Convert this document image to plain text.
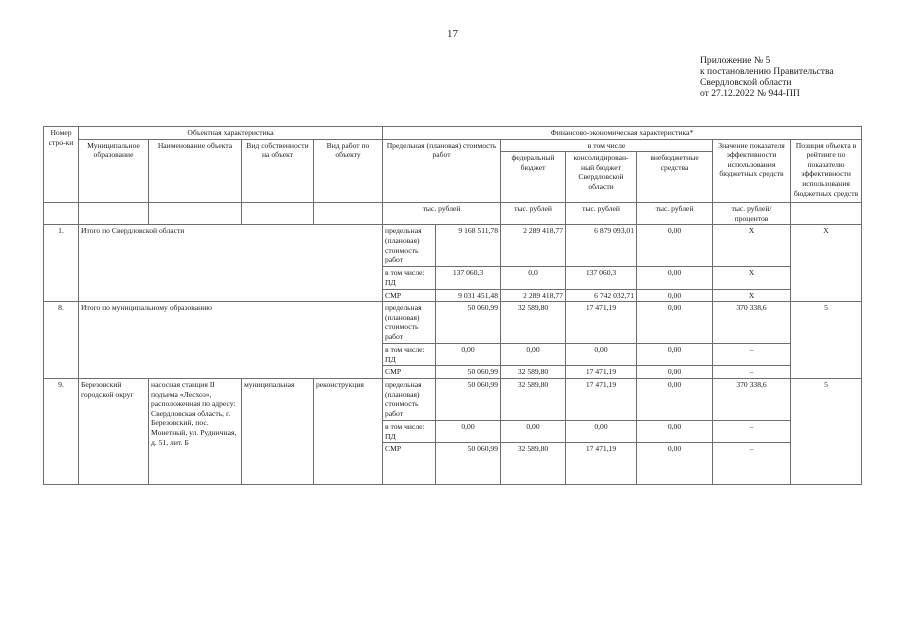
17
Приложение № 5
к постановлению Правительства
Свердловской области
от 27.12.2022 № 944-ПП
Номер стро-ки	Объектная характеристика				Финансово-экономическая характеристика*						
	Муниципальное образование	Наименование объекта	Вид собственности на объект	Вид работ по объекту	Предельная (плановая) стоимость работ		в том числе			Значение показателя эффективности использования бюджетных средств	Позиция объекта в рейтинге по показателю эффективности использования бюджетных средств
							федеральный бюджет	консолидирован-ный бюджет Свердловской области	внебюджетные средства		
					тыс. рублей		тыс. рублей	тыс. рублей	тыс. рублей	тыс. рублей/ процентов	
1.	Итого по Свердловской области				предельная (плановая) стоимость работ	9 168 511,78	2 289 418,77	6 879 093,01	0,00	Х	Х
					в том числе: ПД	137 060,3	0,0	137 060,3	0,00	Х	
					СМР	9 031 451,48	2 289 418,77	6 742 032,71	0,00	Х	
8.	Итого по муниципальному образованию				предельная (плановая) стоимость работ	50 060,99	32 589,80	17 471,19	0,00	370 338,6	5
					в том числе: ПД	0,00	0,00	0,00	0,00	–	
					СМР	50 060,99	32 589,80	17 471,19	0,00	–	
9.	Березовский городской округ	насосная станция II подъема «Лесхоз», расположенная по адресу: Свердловская область, г. Березовский, пос. Монетный, ул. Рудничная, д. 51, лит. Б	муниципальная	реконструкция	предельная (плановая) стоимость работ	50 060,99	32 589,80	17 471,19	0,00	370 338,6	5
					в том числе: ПД	0,00	0,00	0,00	0,00	–	
					СМР	50 060,99	32 589,80	17 471,19	0,00	–	
